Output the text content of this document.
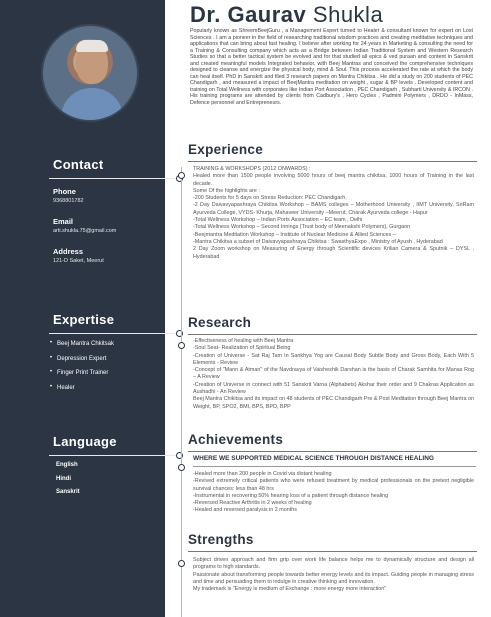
Contact
Phone
9368801782
Email
arti.shukla.75@gmail.com
Address
121-D Saket, Meerut
Expertise
• Beej Mantra Chkitsak
• Depression Expert
• Finger Print Trainer
• Healer
Language
English
Hindi
Sanskrit
Dr. Gaurav Shukla
Popularly known as ShreemBeejGuru , a Management Expert turned to Healer & consultant known for expert on Lost Sciences . I am a pioneer in the field of researching traditional wisdom practices and creating meditative techniques and applications that can bring about fast healing. I believe after working for 24 years in Marketing & consulting the need for a Training & Consulting company which acts as a Bridge between Indian Traditional System and Western Research Studies so that a better tactical system be evolved and for that studied all epics & ved puraan and content in Sanskrit and created meaningful models Integrated behavior, with Beej Mantras and conceived the comprehensive techniques designed to cleanse and energize the physical body, mind & Soul. This process accelerated the rate at which the body can heal itself. PhD in Sanskrit and filed 3 research papers on Mantra Chikitsa . He did a study on 200 students of PEC Chandigarh , and measured a impact of BeejMantra meditation on weight , sugar & BP levels . Developed content and training on Total Wellness with corporates like Indian Port Association , PEC Chandigarh , Subharti University & IRCON . His training programs are attended by clients from Cadbury's , Hero Cycles , Padmini Polymers , DRDO - InMass, Defence personnel and Entrepreneurs.
Experience

TRAINING & WORKSHOPS (2012 ONWARDS) :

Healed more than 1500 people involving 5000 hours of beej mantra chikitsa, 1000 hours of Training in the last decade.

Some Of the highlights are :

-200 Students for 5 days on Stress Reduction: PEC Chandigarh,

-2 Day Daivavyapashraya Chikitsa Workshop – BAMS colleges – Motherhood University , IIMT University, SriRam Ayurveda College, VYDS- Khurja, Mahaveer University –Meerut, Charak Ayurveda college - Hapur

-Total Wellness Workshop – Indian Ports Association – EC team , Delhi

-Total Wellness Workshop – Second Innings (Trust body of Meenakshi Polymers), Gurgaon

-Beejmantra Meditation Workshop – Institute of Nuclear Medicine & Allied Sciences –

-Mantra Chikitsa a subset of Daivavyapashraya Chikitsa : SwasthyaExpo , Ministry of Ayush , Hyderabad

2 Day Zoom workshop on Measuring of Energy through Scientific devices Krilian Camera & Sputnik – DYSL , Hyderabad

Research

-Effectiveness of healing with Beej Mantra

-Soul Seat- Realization of Spiritual Being

-Creation of Universe - Sat Raj Tam In Sankhya Yog are Causal Body Subtle Body and Gross Body, Each With 5 Elements - Review

-Concept of "Mann & Atman" of the Navdravya of Vaisheshik Darshan is the basis of Charak Samhita for Manas Rog – A Review

-Creation of Universe in connect with 51 Sanskrit Varna (Alphabets) Akshar their order and 9 Chakras Application as Aushadhi - An Review

Beej Mantra Chikitsa and its impact on 48 students of PEC Chandigarh Pre & Post Meditation through Beej Mantra on Weight, BP, SPO2, BMI, BPS, BPD, BPP

Achievements
WHERE WE SUPPORTED MEDICAL SCIENCE THROUGH DISTANCE HEALING

-Healed more than 200 people in Covid via distant healing

-Revived extremely critical patients who were refused treatment by medical professionals on the pretext negligible survival chances: less than 48 hrs

-Instrumental in recovering 50% hearing loss of a patient through distance healing

-Reversed Reactive Arthritis in 2 weeks of healing

-Healed and reversed paralysis in 2 months

Strengths

Subject driven approach and firm grip over work life balance helps me to dynamically structure and design all programs to high standards.

Passionate about transforming people towards better energy levels and its impact. Guiding people in managing stress and time and persuading them to indulge in creative thinking and innovation.

My trademark is "Energy is medium of Exchange : more energy more interaction"
